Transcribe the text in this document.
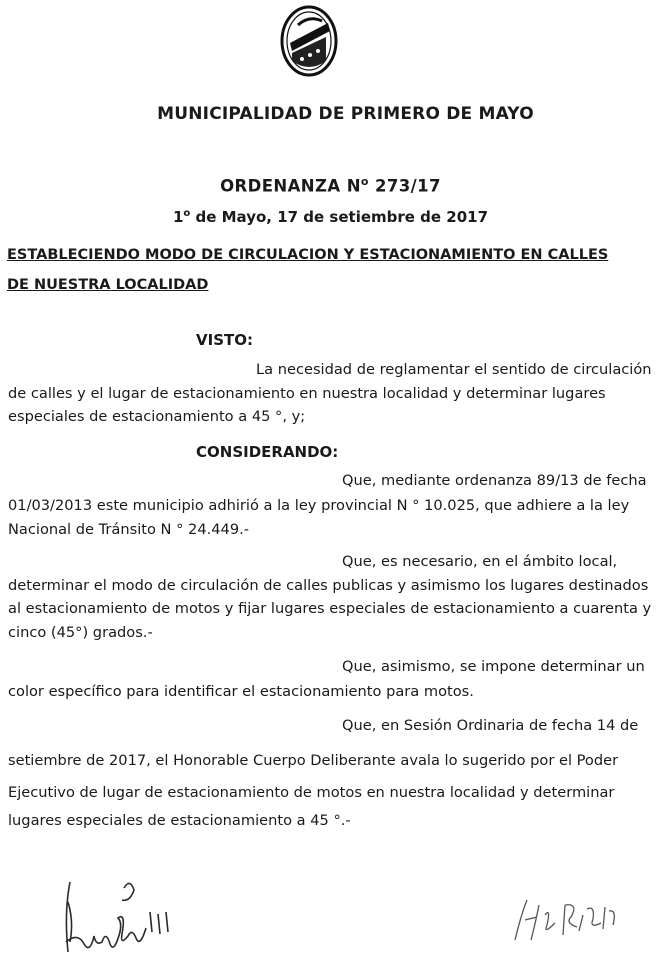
MUNICIPALIDAD DE PRIMERO DE MAYO
ORDENANZA $N^o$ 273/17
1$^o$ de Mayo, 17 de setiembre de 2017
ESTABLECIENDO MODO DE CIRCULACION Y ESTACIONAMIENTO EN CALLES
DE NUESTRA LOCALIDAD
VISTO:
La necesidad de reglamentar el sentido de circulación
de calles y el lugar de estacionamiento en nuestra localidad y determinar lugares
especiales de estacionamiento a 45 °, y;
CONSIDERANDO:
Que, mediante ordenanza 89/13 de fecha
01/03/2013 este municipio adhirió a la ley provincial N ° 10.025, que adhiere a la ley
Nacional de Tránsito N ° 24.449.-
Que, es necesario, en el ámbito local,
determinar el modo de circulación de calles publicas y asimismo los lugares destinados
al estacionamiento de motos y fijar lugares especiales de estacionamiento a cuarenta y
cinco (45°) grados.-
Que, asimismo, se impone determinar un
color específico para identificar el estacionamiento para motos.
Que, en Sesión Ordinaria de fecha 14 de
setiembre de 2017, el Honorable Cuerpo Deliberante avala lo sugerido por el Poder
Ejecutivo de lugar de estacionamiento de motos en nuestra localidad y determinar
lugares especiales de estacionamiento a 45 °.-
